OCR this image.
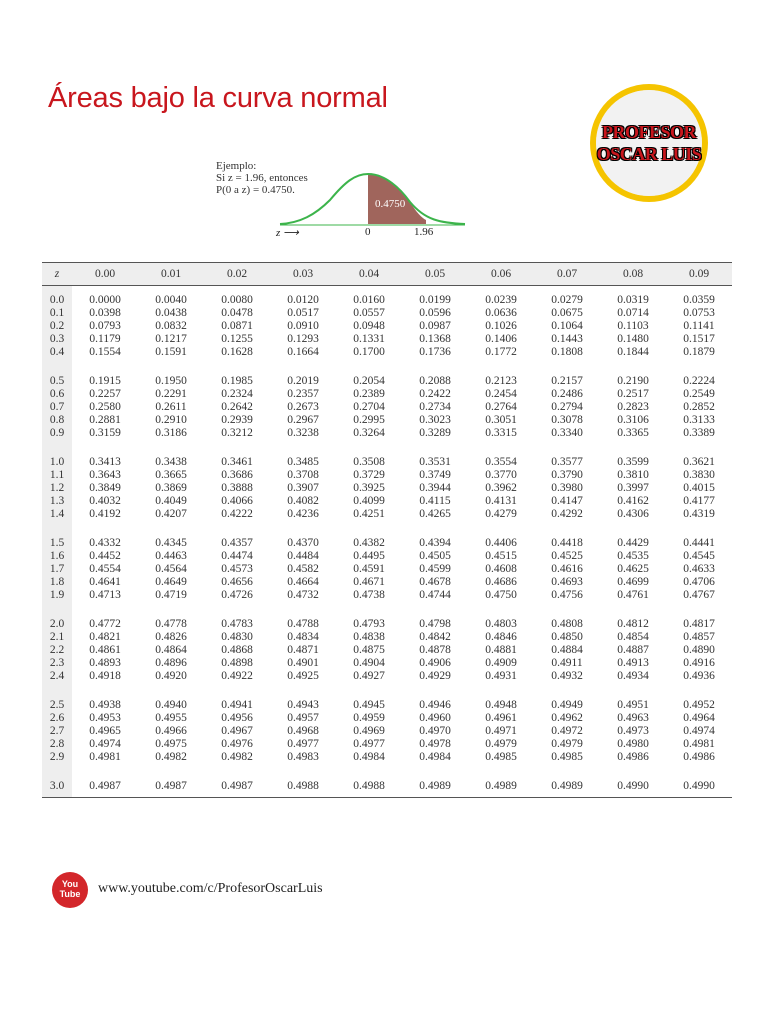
Áreas bajo la curva normal
PROFESOR
OSCAR LUIS
Ejemplo:
Si z = 1.96, entonces
P(0 a z) = 0.4750.
0.4750
z ⟶	0	1.96
z	0.00	0.01	0.02	0.03	0.04	0.05	0.06	0.07	0.08	0.09
0.0	0.0000	0.0040	0.0080	0.0120	0.0160	0.0199	0.0239	0.0279	0.0319	0.0359
0.1	0.0398	0.0438	0.0478	0.0517	0.0557	0.0596	0.0636	0.0675	0.0714	0.0753
0.2	0.0793	0.0832	0.0871	0.0910	0.0948	0.0987	0.1026	0.1064	0.1103	0.1141
0.3	0.1179	0.1217	0.1255	0.1293	0.1331	0.1368	0.1406	0.1443	0.1480	0.1517
0.4	0.1554	0.1591	0.1628	0.1664	0.1700	0.1736	0.1772	0.1808	0.1844	0.1879
0.5	0.1915	0.1950	0.1985	0.2019	0.2054	0.2088	0.2123	0.2157	0.2190	0.2224
0.6	0.2257	0.2291	0.2324	0.2357	0.2389	0.2422	0.2454	0.2486	0.2517	0.2549
0.7	0.2580	0.2611	0.2642	0.2673	0.2704	0.2734	0.2764	0.2794	0.2823	0.2852
0.8	0.2881	0.2910	0.2939	0.2967	0.2995	0.3023	0.3051	0.3078	0.3106	0.3133
0.9	0.3159	0.3186	0.3212	0.3238	0.3264	0.3289	0.3315	0.3340	0.3365	0.3389
1.0	0.3413	0.3438	0.3461	0.3485	0.3508	0.3531	0.3554	0.3577	0.3599	0.3621
1.1	0.3643	0.3665	0.3686	0.3708	0.3729	0.3749	0.3770	0.3790	0.3810	0.3830
1.2	0.3849	0.3869	0.3888	0.3907	0.3925	0.3944	0.3962	0.3980	0.3997	0.4015
1.3	0.4032	0.4049	0.4066	0.4082	0.4099	0.4115	0.4131	0.4147	0.4162	0.4177
1.4	0.4192	0.4207	0.4222	0.4236	0.4251	0.4265	0.4279	0.4292	0.4306	0.4319
1.5	0.4332	0.4345	0.4357	0.4370	0.4382	0.4394	0.4406	0.4418	0.4429	0.4441
1.6	0.4452	0.4463	0.4474	0.4484	0.4495	0.4505	0.4515	0.4525	0.4535	0.4545
1.7	0.4554	0.4564	0.4573	0.4582	0.4591	0.4599	0.4608	0.4616	0.4625	0.4633
1.8	0.4641	0.4649	0.4656	0.4664	0.4671	0.4678	0.4686	0.4693	0.4699	0.4706
1.9	0.4713	0.4719	0.4726	0.4732	0.4738	0.4744	0.4750	0.4756	0.4761	0.4767
2.0	0.4772	0.4778	0.4783	0.4788	0.4793	0.4798	0.4803	0.4808	0.4812	0.4817
2.1	0.4821	0.4826	0.4830	0.4834	0.4838	0.4842	0.4846	0.4850	0.4854	0.4857
2.2	0.4861	0.4864	0.4868	0.4871	0.4875	0.4878	0.4881	0.4884	0.4887	0.4890
2.3	0.4893	0.4896	0.4898	0.4901	0.4904	0.4906	0.4909	0.4911	0.4913	0.4916
2.4	0.4918	0.4920	0.4922	0.4925	0.4927	0.4929	0.4931	0.4932	0.4934	0.4936
2.5	0.4938	0.4940	0.4941	0.4943	0.4945	0.4946	0.4948	0.4949	0.4951	0.4952
2.6	0.4953	0.4955	0.4956	0.4957	0.4959	0.4960	0.4961	0.4962	0.4963	0.4964
2.7	0.4965	0.4966	0.4967	0.4968	0.4969	0.4970	0.4971	0.4972	0.4973	0.4974
2.8	0.4974	0.4975	0.4976	0.4977	0.4977	0.4978	0.4979	0.4979	0.4980	0.4981
2.9	0.4981	0.4982	0.4982	0.4983	0.4984	0.4984	0.4985	0.4985	0.4986	0.4986
3.0	0.4987	0.4987	0.4987	0.4988	0.4988	0.4989	0.4989	0.4989	0.4990	0.4990
You
Tube	www.youtube.com/c/ProfesorOscarLuis
